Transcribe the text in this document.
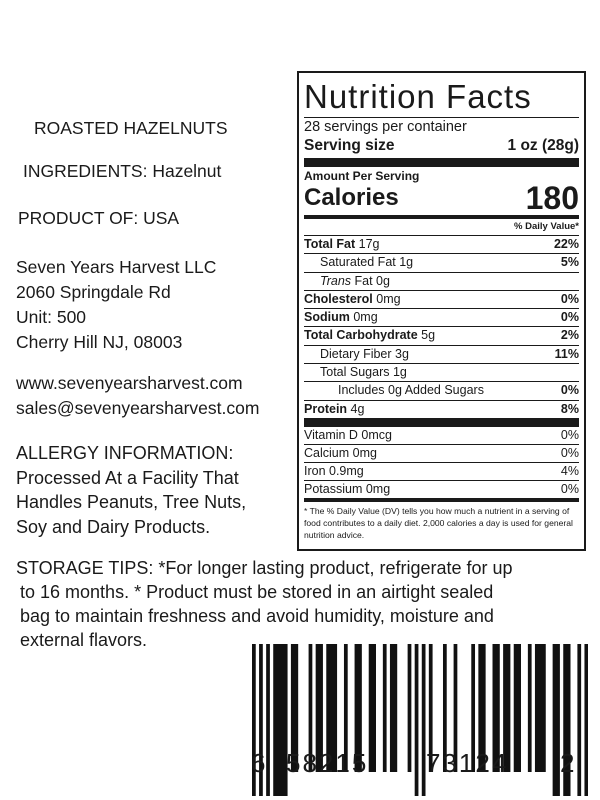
ROASTED HAZELNUTS
INGREDIENTS: Hazelnut
PRODUCT OF: USA
Seven Years Harvest LLC
2060 Springdale Rd
Unit: 500
Cherry Hill NJ, 08003
www.sevenyearsharvest.com
sales@sevenyearsharvest.com
ALLERGY INFORMATION:
Processed At a Facility That
Handles Peanuts, Tree Nuts,
Soy and Dairy Products.
STORAGE TIPS: *For longer lasting product, refrigerate for up
to 16 months. * Product must be stored in an airtight sealed
bag to maintain freshness and avoid humidity, moisture and
external flavors.
Nutrition Facts
28 servings per container
Serving size	1 oz (28g)
Amount Per Serving
Calories	180
% Daily Value*
Total Fat 17g	22%
Saturated Fat 1g	5%
Trans Fat 0g
Cholesterol 0mg	0%
Sodium 0mg	0%
Total Carbohydrate 5g	2%
Dietary Fiber 3g	11%
Total Sugars 1g
Includes 0g Added Sugars	0%
Protein 4g	8%
Vitamin D 0mcg	0%
Calcium 0mg	0%
Iron 0.9mg	4%
Potassium 0mg	0%
* The % Daily Value (DV) tells you how much a nutrient in a serving of food contributes to a daily diet. 2,000 calories a day is used for general nutrition advice.
6 58215 73124 2
